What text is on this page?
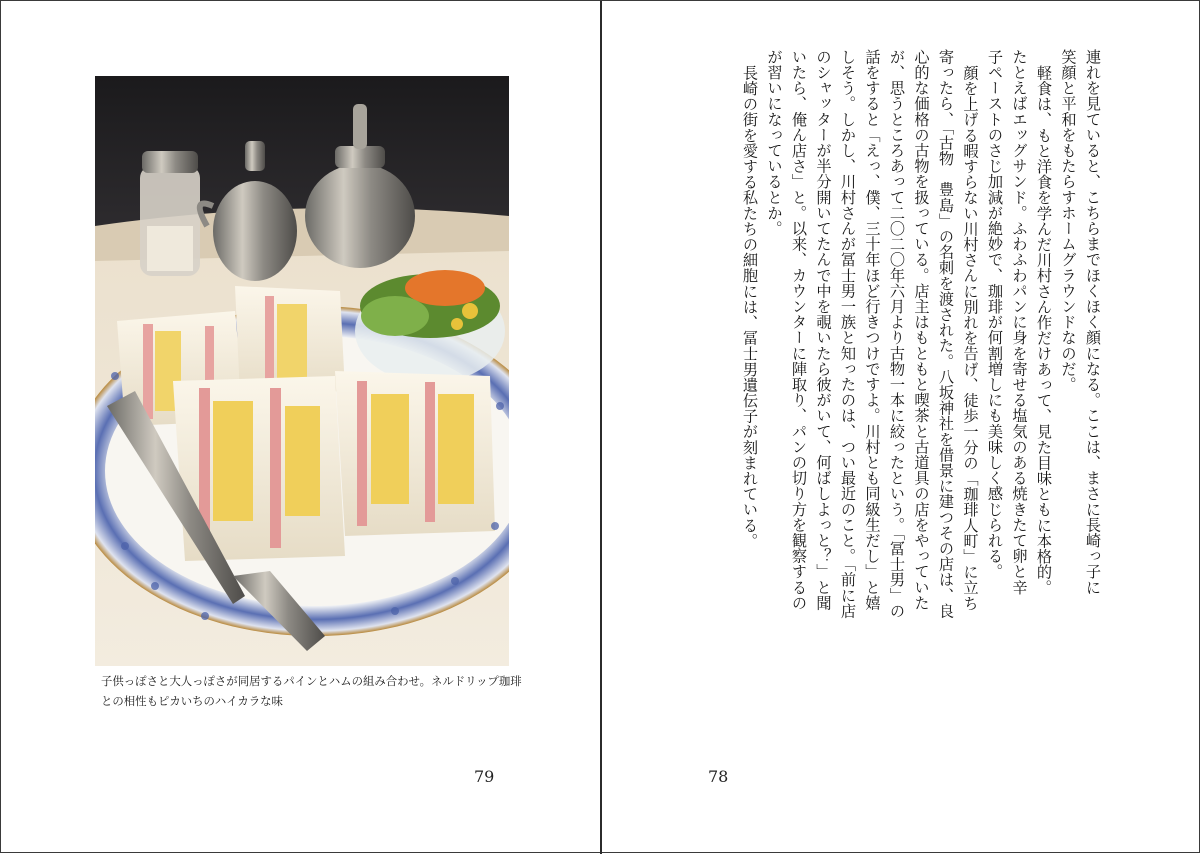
子供っぽさと大人っぽさが同居するパインとハムの組み合わせ。ネルドリップ珈琲
との相性もピカいちのハイカラな味
79
連れを見ていると、こちらまでほくほく顔になる。ここは、まさに長崎っ子に
笑顔と平和をもたらすホームグラウンドなのだ。
軽食は、もと洋食を学んだ川村さん作だけあって、見た目味ともに本格的。
たとえばエッグサンド。ふわふわパンに身を寄せる塩気のある焼きたて卵と辛
子ペーストのさじ加減が絶妙で、珈琲が何割増しにも美味しく感じられる。
顔を上げる暇すらない川村さんに別れを告げ、徒歩一分の「珈琲人町」に立ち
寄ったら、「古物　豊島」の名刺を渡された。八坂神社を借景に建つその店は、良
心的な価格の古物を扱っている。店主はもともと喫茶と古道具の店をやっていた
が、思うところあって二〇二〇年六月より古物一本に絞ったという。「冨士男」の
話をすると「えっ、僕、三十年ほど行きつけですよ。川村とも同級生だし」と嬉
しそう。しかし、川村さんが冨士男一族と知ったのは、つい最近のこと。「前に店
のシャッターが半分開いてたんで中を覗いたら彼がいて、何ばしよっと？」と聞
いたら、俺ん店さ」と。以来、カウンターに陣取り、パンの切り方を観察するの
が習いになっているとか。
長崎の街を愛する私たちの細胞には、冨士男遺伝子が刻まれている。
78
